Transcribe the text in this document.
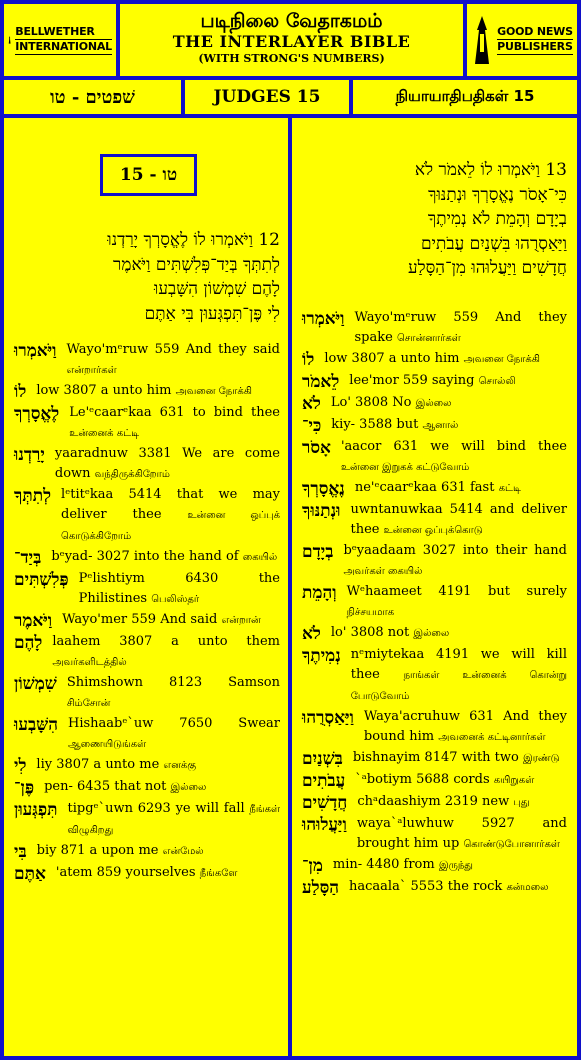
BELLWETHER
INTERNATIONAL
படிநிலை வேதாகமம்
THE INTERLAYER BIBLE
(WITH STRONG'S NUMBERS)
GOOD NEWS
PUBLISHERS
שׁפטים - טו	JUDGES 15	நியாயாதிபதிகள் 15
15 - טו
12 וַיֹּאמְרוּ לוֹ לֶאֱסָרְךָ יָרַדְנוּ
לְתִתְּךָ בְּיַד־פְּלִשְׁתִּים וַיֹּאמֶר
לָהֶם שִׁמְשׁוֹן הִשָּׁבְעוּ
לִי פֶּן־תִּפְגְּעוּן בִּי אַתֶּם
וַיֹּאמְרוּ Wayo'mᵉruw 559 And they said என்றார்கள்
לוֹ low 3807 a unto him அவனை நோக்கி
לֶאֱסָרְךָ Le'ᵉcaarᵉkaa 631 to bind thee உன்னைக் கட்டி
יָרַדְנוּ yaaradnuw 3381 We are come down வந்திருக்கிறோம்
לְתִתְּךָ lᵉtitᵉkaa 5414 that we may deliver thee	உன்னை ஒப்புக் கொடுக்கிறோம்
בְּיַד־ bᵉyad- 3027 into the hand of கையில்
פְּלִשְׁתִּים Pᵉlishtiym 6430 the Philistines பெலிஸ்தர்
וַיֹּאמֶר Wayo'mer 559 And said என்றான்
לָהֶם laahem 3807 a unto them அவர்களிடத்தில்
שִׁמְשׁוֹן Shimshown 8123 Samson சிம்சோன்
הִשָּׁבְעוּ Hishaabᵉ`uw 7650 Swear ஆணையிடுங்கள்
לִי liy 3807 a unto me எனக்கு
פֶּן־ pen- 6435 that not இல்லை
תִּפְגְּעוּן tipgᵉ`uwn 6293 ye will fall நீங்கள் விழுகிறது
בִּי biy 871 a upon me என்மேல்
אַתֶּם 'atem 859 yourselves நீங்களே
13 וַיֹּאמְרוּ לוֹ לֵאמֹר לֹא
כִּי־אָסֹר נֶאֱסָרְךָ וּנְתַנּוּךָ
בְיָדָם וְהָמֵת לֹא נְמִיתֶךָ
וַיַּאַסְרֻהוּ בִּשְׁנַיִם עֲבֹתִים
חֲדָשִׁים וַיַּעֲלוּהוּ מִן־הַסָּלַע
וַיֹּאמְרוּ Wayo'mᵉruw 559 And they spake சொன்னார்கள்
לוֹ low 3807 a unto him அவனை நோக்கி
לֵאמֹר lee'mor 559 saying சொல்லி
לֹא Lo' 3808 No இல்லை
כִּי־ kiy- 3588 but ஆனால்
אָסֹר 'aacor 631 we will bind thee உன்னை இறுகக் கட்டுவோம்
נֶאֱסָרְךָ ne'ᵉcaarᵉkaa 631 fast கட்டி
וּנְתַנּוּךָ uwntanuwkaa 5414 and deliver thee உன்னை ஒப்புக்கொடு
בְיָדָם bᵉyaadaam 3027 into their hand அவர்கள் கையில்
וְהָמֵת Wᵉhaameet 4191 but surely நிச்சயமாக
לֹא lo' 3808 not இல்லை
נְמִיתֶךָ nᵉmiytekaa 4191 we will kill thee நாங்கள் உன்னைக் கொன்று போடுவோம்
וַיַּאַסְרֻהוּ Waya'acruhuw 631 And they bound him அவனைக் கட்டினார்கள்
בִּשְׁנַיִם bishnayim 8147 with two இரண்டு
עֲבֹתִים `ᵃbotiym 5688 cords கயிறுகள்
חֲדָשִׁים chᵃdaashiym 2319 new புது
וַיַּעֲלוּהוּ waya`ᵃluwhuw 5927 and brought him up கொண்டுபோனார்கள்
מִן־ min- 4480 from இருந்து
הַסָּלַע hacaala` 5553 the rock கன்மலை
